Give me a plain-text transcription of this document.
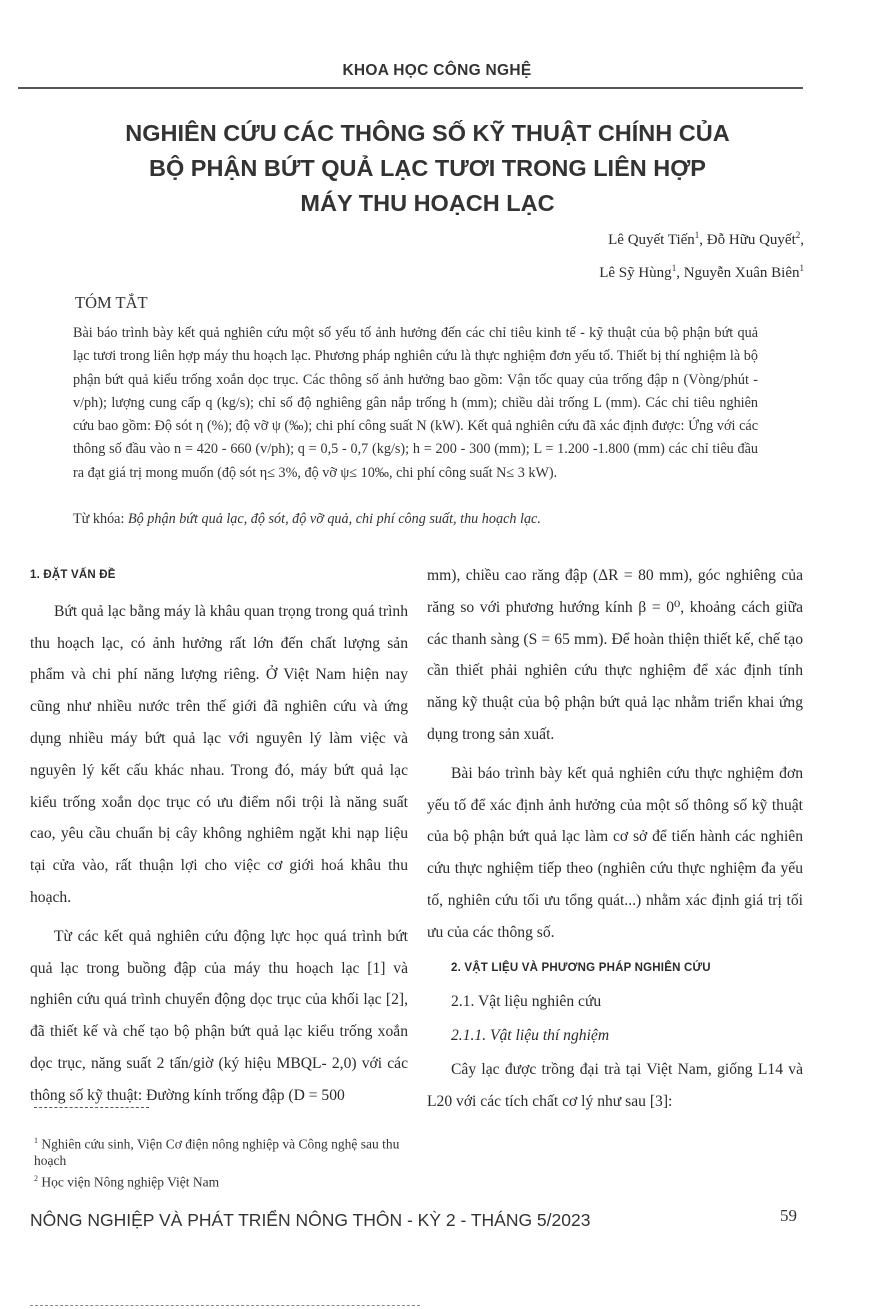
KHOA HỌC CÔNG NGHỆ
NGHIÊN CỨU CÁC THÔNG SỐ KỸ THUẬT CHÍNH CỦA
BỘ PHẬN BỨT QUẢ LẠC TƯƠI TRONG LIÊN HỢP
MÁY THU HOẠCH LẠC
Lê Quyết Tiến$^1$, Đỗ Hữu Quyết$^2$,
Lê Sỹ Hùng$^1$, Nguyễn Xuân Biên$^1$
TÓM TẮT
Bài báo trình bày kết quả nghiên cứu một số yếu tố ảnh hưởng đến các chỉ tiêu kinh tế - kỹ thuật của bộ phận bứt quả lạc tươi trong liên hợp máy thu hoạch lạc. Phương pháp nghiên cứu là thực nghiệm đơn yếu tố. Thiết bị thí nghiệm là bộ phận bứt quả kiểu trống xoắn dọc trục. Các thông số ảnh hưởng bao gồm: Vận tốc quay của trống đập n (Vòng/phút - v/ph); lượng cung cấp q (kg/s); chỉ số độ nghiêng gân nắp trống h (mm); chiều dài trống L (mm). Các chỉ tiêu nghiên cứu bao gồm: Độ sót η (%); độ vỡ ψ (‰); chi phí công suất N (kW). Kết quả nghiên cứu đã xác định được: Ứng với các thông số đầu vào n = 420 - 660 (v/ph); q = 0,5 - 0,7 (kg/s); h = 200 - 300 (mm); L = 1.200 -1.800 (mm) các chỉ tiêu đầu ra đạt giá trị mong muốn (độ sót η≤ 3%, độ vỡ ψ≤ 10‰, chi phí công suất N≤ 3 kW).
Từ khóa: Bộ phận bứt quả lạc, độ sót, độ vỡ quả, chi phí công suất, thu hoạch lạc.

1. ĐẶT VẤN ĐỀ

Bứt quả lạc bằng máy là khâu quan trọng trong quá trình thu hoạch lạc, có ảnh hưởng rất lớn đến chất lượng sản phẩm và chi phí năng lượng riêng. Ở Việt Nam hiện nay cũng như nhiều nước trên thế giới đã nghiên cứu và ứng dụng nhiều máy bứt quả lạc với nguyên lý làm việc và nguyên lý kết cấu khác nhau. Trong đó, máy bứt quả lạc kiểu trống xoắn dọc trục có ưu điểm nổi trội là năng suất cao, yêu cầu chuẩn bị cây không nghiêm ngặt khi nạp liệu tại cửa vào, rất thuận lợi cho việc cơ giới hoá khâu thu hoạch.

Từ các kết quả nghiên cứu động lực học quá trình bứt quả lạc trong buồng đập của máy thu hoạch lạc [1] và nghiên cứu quá trình chuyển động dọc trục của khối lạc [2], đã thiết kế và chế tạo bộ phận bứt quả lạc kiểu trống xoắn dọc trục, năng suất 2 tấn/giờ (ký hiệu MBQL- 2,0) với các thông số kỹ thuật: Đường kính trống đập (D = 500

mm), chiều cao răng đập (ΔR = 80 mm), góc nghiêng của răng so với phương hướng kính β = 0⁰, khoảng cách giữa các thanh sàng (S = 65 mm). Để hoàn thiện thiết kế, chế tạo cần thiết phải nghiên cứu thực nghiệm để xác định tính năng kỹ thuật của bộ phận bứt quả lạc nhằm triển khai ứng dụng trong sản xuất.

Bài báo trình bày kết quả nghiên cứu thực nghiệm đơn yếu tố để xác định ảnh hưởng của một số thông số kỹ thuật của bộ phận bứt quả lạc làm cơ sở để tiến hành các nghiên cứu thực nghiệm tiếp theo (nghiên cứu thực nghiệm đa yếu tố, nghiên cứu tối ưu tổng quát...) nhằm xác định giá trị tối ưu của các thông số.

2. VẬT LIỆU VÀ PHƯƠNG PHÁP NGHIÊN CỨU

2.1. Vật liệu nghiên cứu

2.1.1. Vật liệu thí nghiệm

Cây lạc được trồng đại trà tại Việt Nam, giống L14 và L20 với các tích chất cơ lý như sau [3]:

$^1$ Nghiên cứu sinh, Viện Cơ điện nông nghiệp và Công nghệ sau thu hoạch
$^2$ Học viện Nông nghiệp Việt Nam
NÔNG NGHIỆP VÀ PHÁT TRIỂN NÔNG THÔN - KỲ 2 - THÁNG 5/2023	59
